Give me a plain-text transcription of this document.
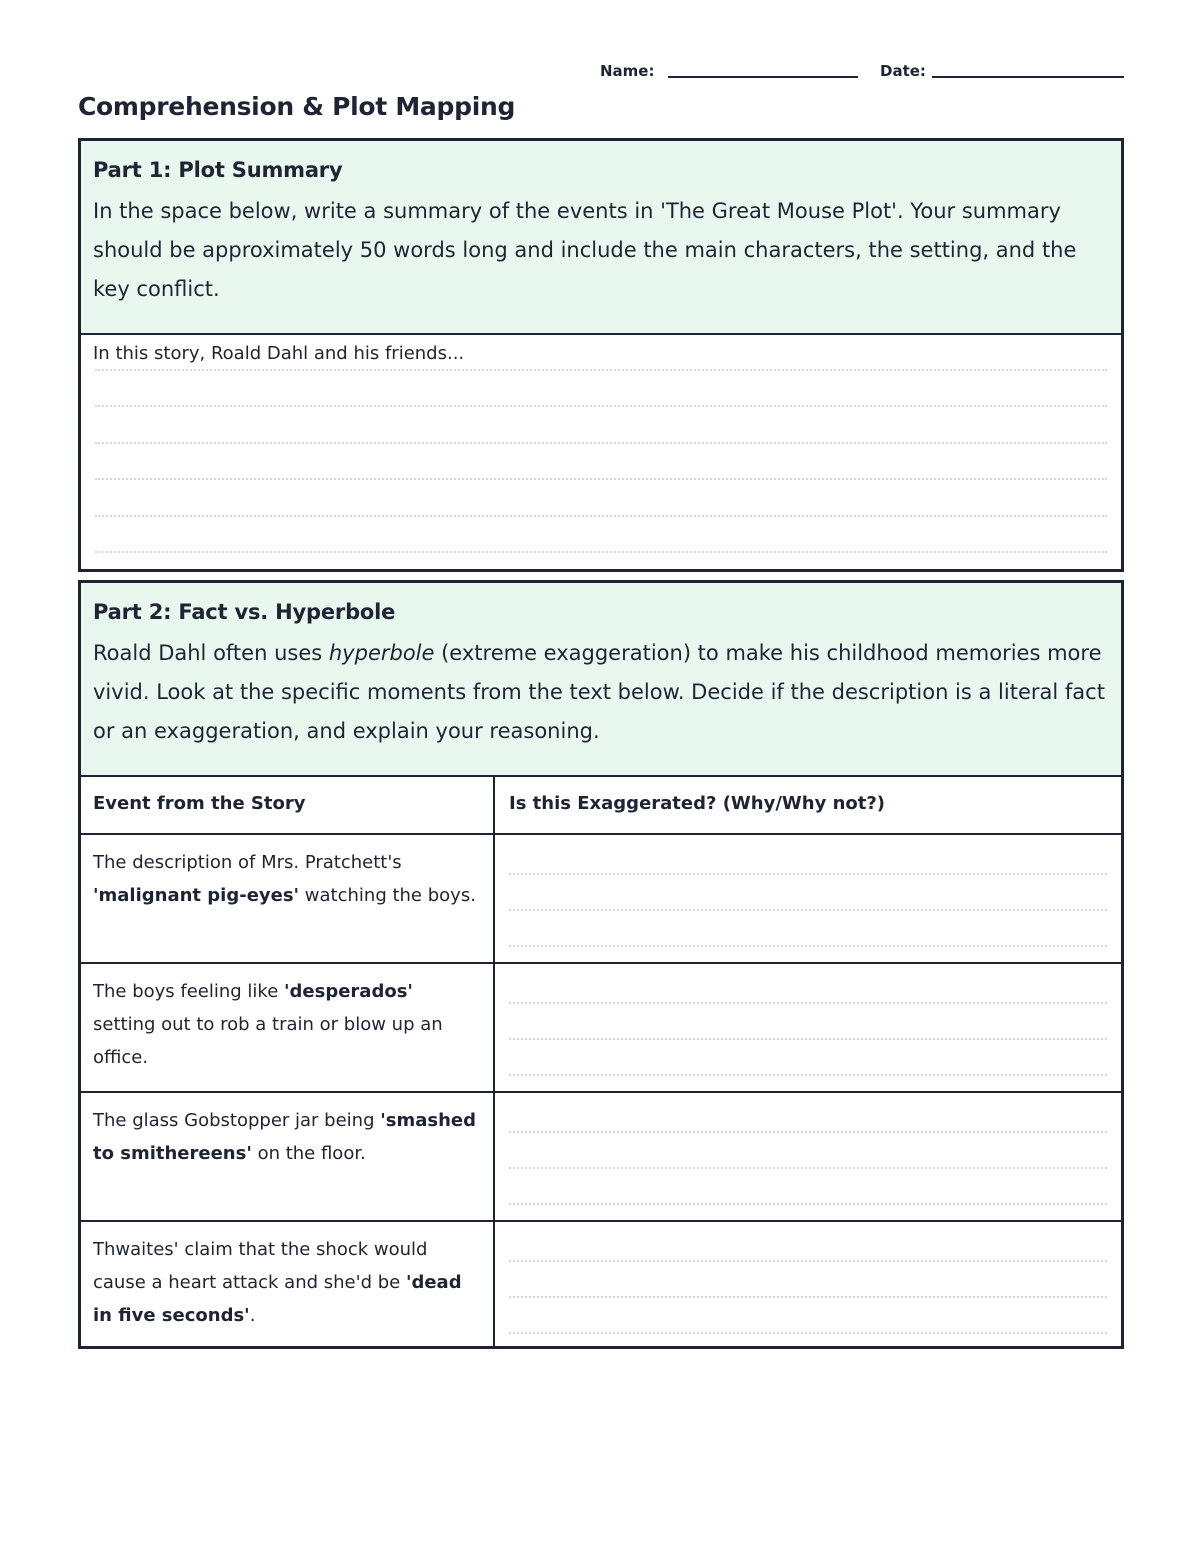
Name:	Date:
Comprehension & Plot Mapping
Part 1: Plot Summary

In the space below, write a summary of the events in 'The Great Mouse Plot'. Your summary should be approximately 50 words long and include the main characters, the setting, and the key conflict.

In this story, Roald Dahl and his friends...
Part 2: Fact vs. Hyperbole

Roald Dahl often uses hyperbole (extreme exaggeration) to make his childhood memories more vivid. Look at the specific moments from the text below. Decide if the description is a literal fact or an exaggeration, and explain your reasoning.

Event from the Story	Is this Exaggerated? (Why/Why not?)
The description of Mrs. Pratchett's 'malignant pig-eyes' watching the boys.
The boys feeling like 'desperados' setting out to rob a train or blow up an office.
The glass Gobstopper jar being 'smashed to smithereens' on the floor.
Thwaites' claim that the shock would cause a heart attack and she'd be 'dead in five seconds'.
